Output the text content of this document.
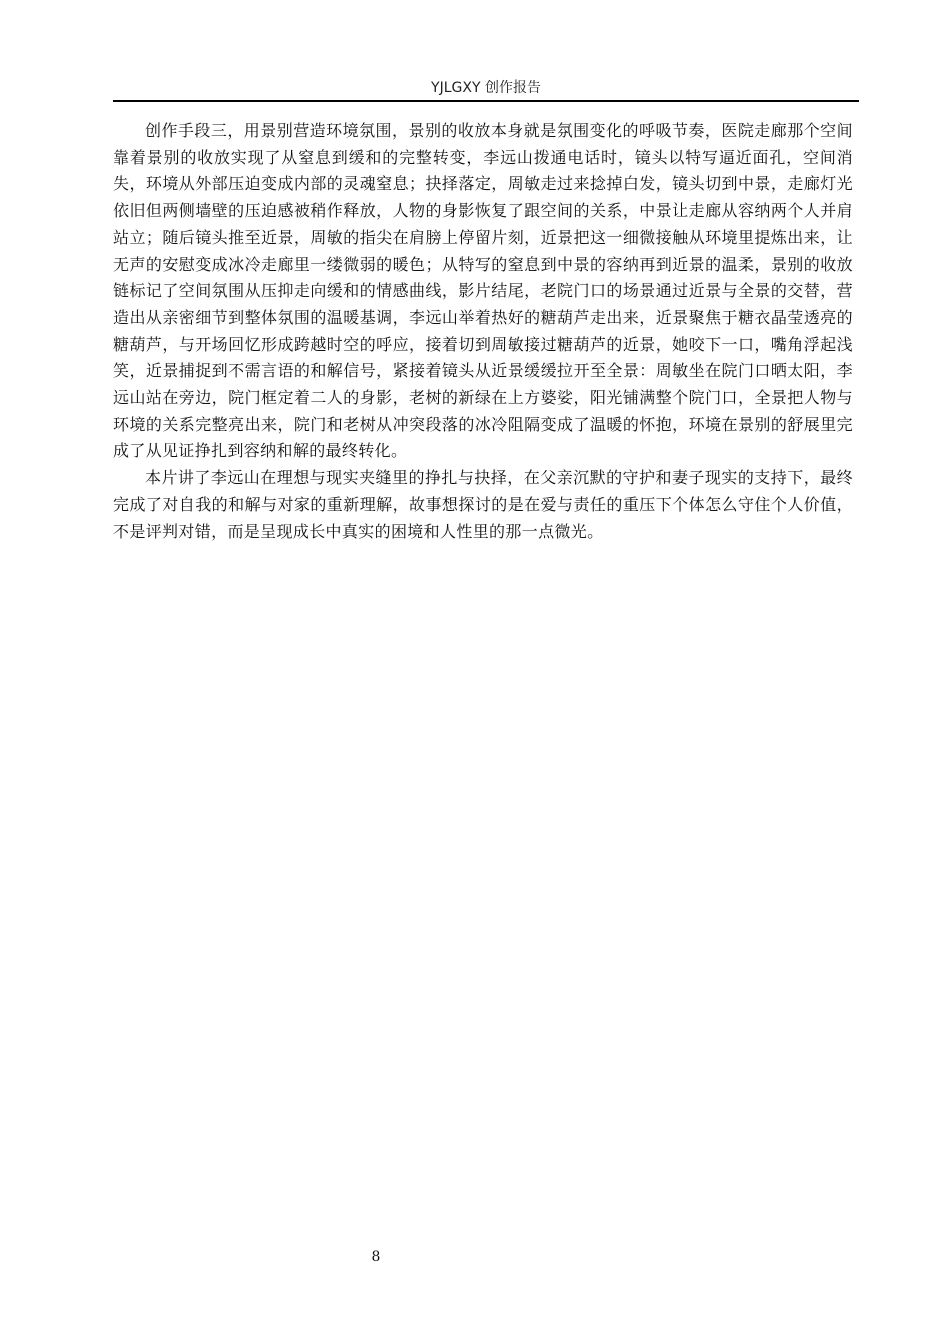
YJLGXY 创作报告

创作手段三，用景别营造环境氛围，景别的收放本身就是氛围变化的呼吸节奏，医院走廊那个空间靠着景别的收放实现了从窒息到缓和的完整转变，李远山拨通电话时，镜头以特写逼近面孔，空间消失，环境从外部压迫变成内部的灵魂窒息；抉择落定，周敏走过来捻掉白发，镜头切到中景，走廊灯光依旧但两侧墙壁的压迫感被稍作释放，人物的身影恢复了跟空间的关系，中景让走廊从容纳两个人并肩站立；随后镜头推至近景，周敏的指尖在肩膀上停留片刻，近景把这一细微接触从环境里提炼出来，让无声的安慰变成冰冷走廊里一缕微弱的暖色；从特写的窒息到中景的容纳再到近景的温柔，景别的收放链标记了空间氛围从压抑走向缓和的情感曲线，影片结尾，老院门口的场景通过近景与全景的交替，营造出从亲密细节到整体氛围的温暖基调，李远山举着热好的糖葫芦走出来，近景聚焦于糖衣晶莹透亮的糖葫芦，与开场回忆形成跨越时空的呼应，接着切到周敏接过糖葫芦的近景，她咬下一口，嘴角浮起浅笑，近景捕捉到不需言语的和解信号，紧接着镜头从近景缓缓拉开至全景：周敏坐在院门口晒太阳，李远山站在旁边，院门框定着二人的身影，老树的新绿在上方婆娑，阳光铺满整个院门口，全景把人物与环境的关系完整亮出来，院门和老树从冲突段落的冰冷阻隔变成了温暖的怀抱，环境在景别的舒展里完成了从见证挣扎到容纳和解的最终转化。

本片讲了李远山在理想与现实夹缝里的挣扎与抉择，在父亲沉默的守护和妻子现实的支持下，最终完成了对自我的和解与对家的重新理解，故事想探讨的是在爱与责任的重压下个体怎么守住个人价值，不是评判对错，而是呈现成长中真实的困境和人性里的那一点微光。

8
